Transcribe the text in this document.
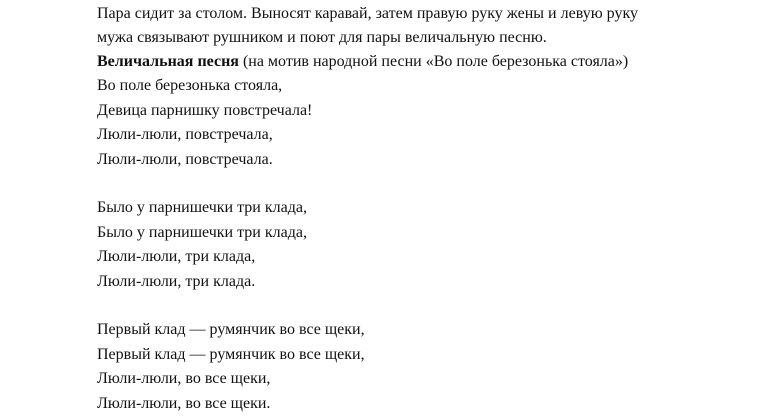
Пара сидит за столом. Выносят каравай, затем правую руку жены и левую руку
мужа связывают рушником и поют для пары величальную песню.
Величальная песня (на мотив народной песни «Во поле березонька стояла»)
Во поле березонька стояла,
Девица парнишку повстречала!
Люли-люли, повстречала,
Люли-люли, повстречала.
Было у парнишечки три клада,
Было у парнишечки три клада,
Люли-люли, три клада,
Люли-люли, три клада.
Первый клад — румянчик во все щеки,
Первый клад — румянчик во все щеки,
Люли-люли, во все щеки,
Люли-люли, во все щеки.
